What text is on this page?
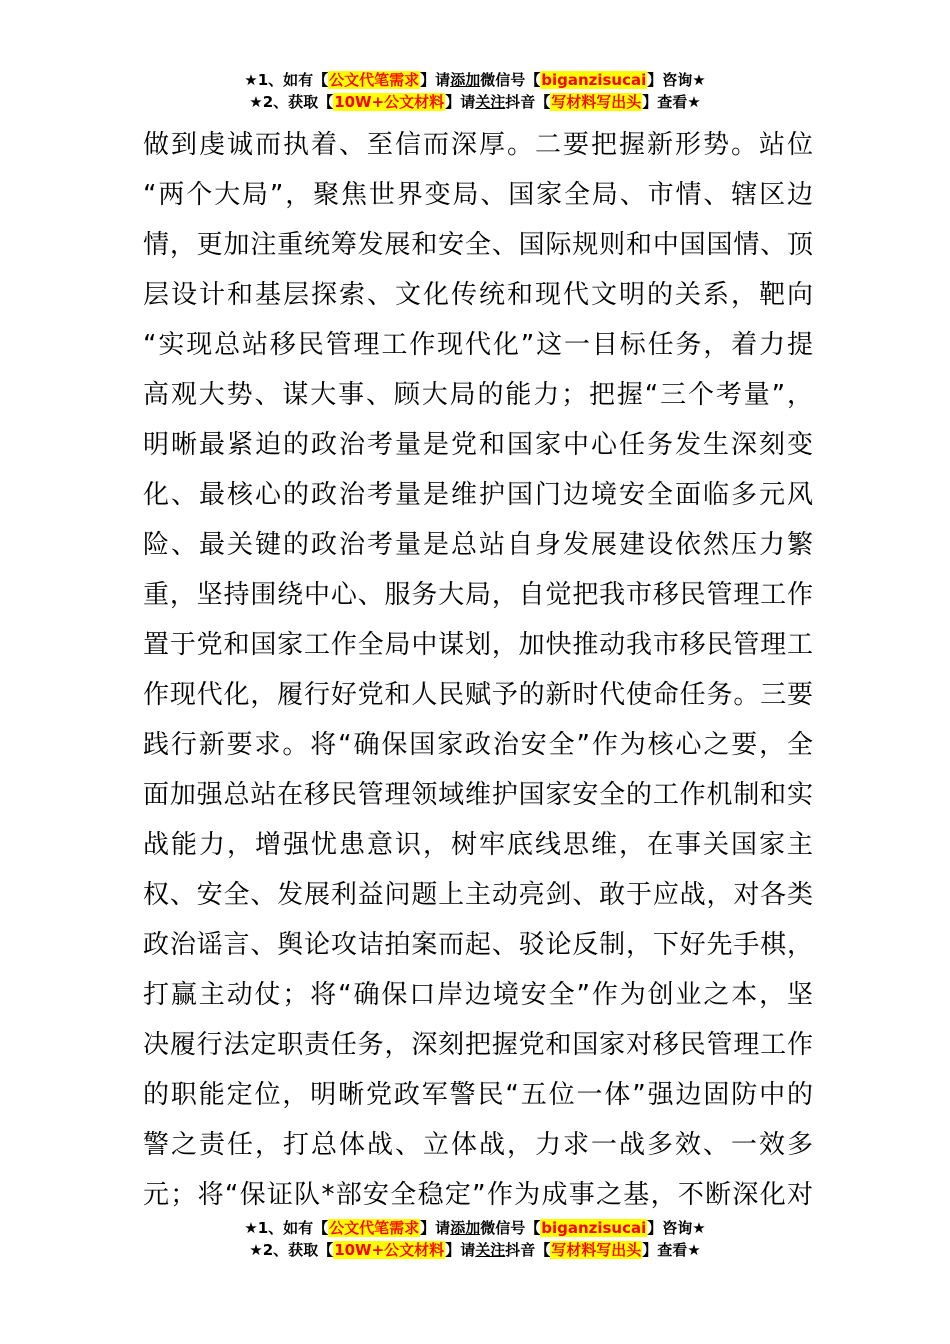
★1、如有【公文代笔需求】请添加微信号【biganzisucai】咨询★
★2、获取【10W+公文材料】请关注抖音【写材料写出头】查看★
做到虔诚而执着、至信而深厚。二要把握新形势。站位
“两个大局”，聚焦世界变局、国家全局、市情、辖区边
情，更加注重统筹发展和安全、国际规则和中国国情、顶
层设计和基层探索、文化传统和现代文明的关系，靶向
“实现总站移民管理工作现代化”这一目标任务，着力提
高观大势、谋大事、顾大局的能力；把握“三个考量”，
明晰最紧迫的政治考量是党和国家中心任务发生深刻变
化、最核心的政治考量是维护国门边境安全面临多元风
险、最关键的政治考量是总站自身发展建设依然压力繁
重，坚持围绕中心、服务大局，自觉把我市移民管理工作
置于党和国家工作全局中谋划，加快推动我市移民管理工
作现代化，履行好党和人民赋予的新时代使命任务。三要
践行新要求。将“确保国家政治安全”作为核心之要，全
面加强总站在移民管理领域维护国家安全的工作机制和实
战能力，增强忧患意识，树牢底线思维，在事关国家主
权、安全、发展利益问题上主动亮剑、敢于应战，对各类
政治谣言、舆论攻诘拍案而起、驳论反制，下好先手棋，
打赢主动仗；将“确保口岸边境安全”作为创业之本，坚
决履行法定职责任务，深刻把握党和国家对移民管理工作
的职能定位，明晰党政军警民“五位一体”强边固防中的
警之责任，打总体战、立体战，力求一战多效、一效多
元；将“保证队*部安全稳定”作为成事之基，不断深化对
★1、如有【公文代笔需求】请添加微信号【biganzisucai】咨询★
★2、获取【10W+公文材料】请关注抖音【写材料写出头】查看★
